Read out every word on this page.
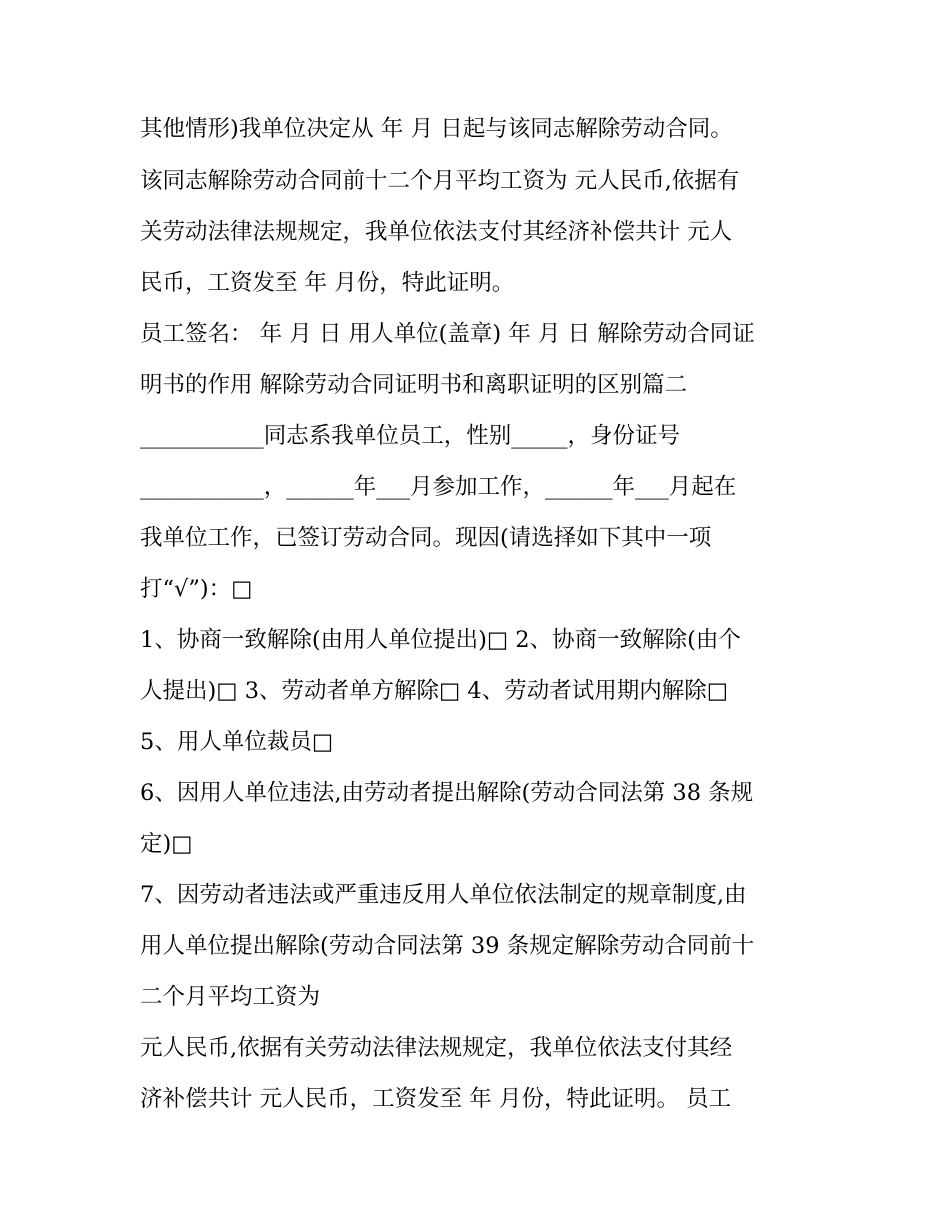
其他情形)我单位决定从 年 月 日起与该同志解除劳动合同。
该同志解除劳动合同前十二个月平均工资为 元人民币,依据有
关劳动法律法规规定，我单位依法支付其经济补偿共计 元人
民币，工资发至 年 月份，特此证明。
员工签名： 年 月 日 用人单位(盖章) 年 月 日 解除劳动合同证
明书的作用 解除劳动合同证明书和离职证明的区别篇二
___________同志系我单位员工，性别_____，身份证号
___________，______年___月参加工作，______年___月起在
我单位工作，已签订劳动合同。现因(请选择如下其中一项
打“√”)：□
1、协商一致解除(由用人单位提出)□ 2、协商一致解除(由个
人提出)□ 3、劳动者单方解除□ 4、劳动者试用期内解除□
5、用人单位裁员□
6、因用人单位违法,由劳动者提出解除(劳动合同法第 38 条规
定)□
7、因劳动者违法或严重违反用人单位依法制定的规章制度,由
用人单位提出解除(劳动合同法第 39 条规定解除劳动合同前十
二个月平均工资为
元人民币,依据有关劳动法律法规规定，我单位依法支付其经
济补偿共计 元人民币，工资发至 年 月份，特此证明。 员工
